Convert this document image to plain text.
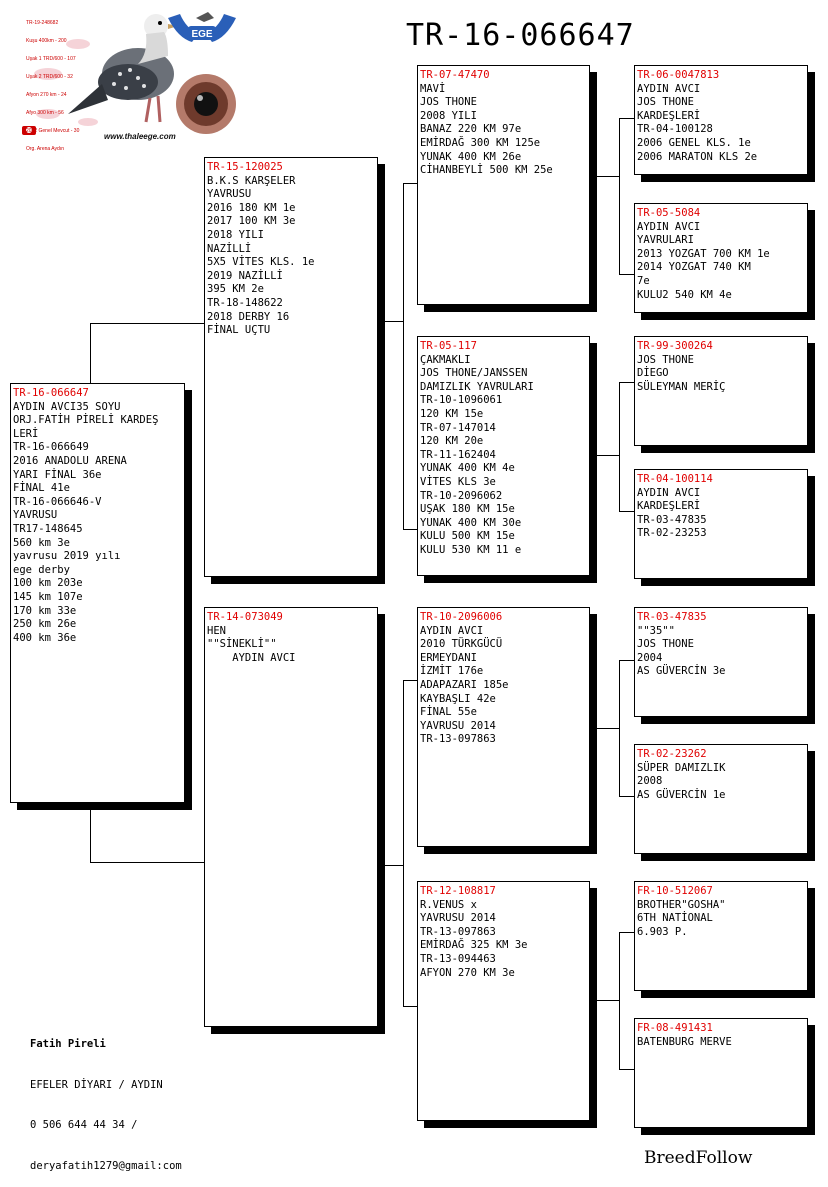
EGE

TR-19-248682

Kuşu 400km - 200

Uşak 1 TRD/600 - 107

Uşak 2 TRD/600 - 32

Afyon 270 km - 24

Afyo 300 km - 56

2022 Genel Mevcut - 30

Org. Arena Aydın

www.thaleege.com
TR-16-066647
TR-16-066647
AYDIN AVCI35 SOYU
ORJ.FATİH PİRELİ KARDEŞ
LERİ
TR-16-066649
2016 ANADOLU ARENA
YARI FİNAL 36e
FİNAL 41e
TR-16-066646-V
YAVRUSU
TR17-148645
560 km 3e
yavrusu 2019 yılı
ege derby
100 km 203e
145 km 107e
170 km 33e
250 km 26e
400 km 36e
TR-15-120025
B.K.S KARŞELER
YAVRUSU
2016 180 KM 1e
2017 100 KM 3e
2018 YILI
NAZİLLİ
5X5 VİTES KLS. 1e
2019 NAZİLLİ
395 KM 2e
TR-18-148622
2018 DERBY 16
FİNAL UÇTU
TR-14-073049
HEN
""SİNEKLİ""
AYDIN AVCI
TR-07-47470
MAVİ
JOS THONE
2008 YILI
BANAZ 220 KM 97e
EMİRDAĞ 300 KM 125e
YUNAK 400 KM 26e
CİHANBEYLİ 500 KM 25e
TR-05-117
ÇAKMAKLI
JOS THONE/JANSSEN
DAMIZLIK YAVRULARI
TR-10-1096061
120 KM 15e
TR-07-147014
120 KM 20e
TR-11-162404
YUNAK 400 KM 4e
VİTES KLS 3e
TR-10-2096062
UŞAK 180 KM 15e
YUNAK 400 KM 30e
KULU 500 KM 15e
KULU 530 KM 11 e
TR-10-2096006
AYDIN AVCI
2010 TÜRKGÜCÜ
ERMEYDANI
İZMİT 176e
ADAPAZARI 185e
KAYBAŞLI 42e
FİNAL 55e
YAVRUSU 2014
TR-13-097863
TR-12-108817
R.VENUS x
YAVRUSU 2014
TR-13-097863
EMİRDAĞ 325 KM 3e
TR-13-094463
AFYON 270 KM 3e
TR-06-0047813
AYDIN AVCI
JOS THONE
KARDEŞLERİ
TR-04-100128
2006 GENEL KLS. 1e
2006 MARATON KLS 2e
TR-05-5084
AYDIN AVCI
YAVRULARI
2013 YOZGAT 700 KM 1e
2014 YOZGAT 740 KM
7e
KULU2 540 KM 4e
TR-99-300264
JOS THONE
DİEGO
SÜLEYMAN MERİÇ
TR-04-100114
AYDIN AVCI
KARDEŞLERİ
TR-03-47835
TR-02-23253
TR-03-47835
""35""
JOS THONE
2004
AS GÜVERCİN 3e
TR-02-23262
SÜPER DAMIZLIK
2008
AS GÜVERCİN 1e
FR-10-512067
BROTHER"GOSHA"
6TH NATİONAL
6.903 P.
FR-08-491431
BATENBURG MERVE

Fatih Pireli

EFELER DİYARI / AYDIN

0 506 644 44 34 /

deryafatih1279@gmail:com	BreedFollow
